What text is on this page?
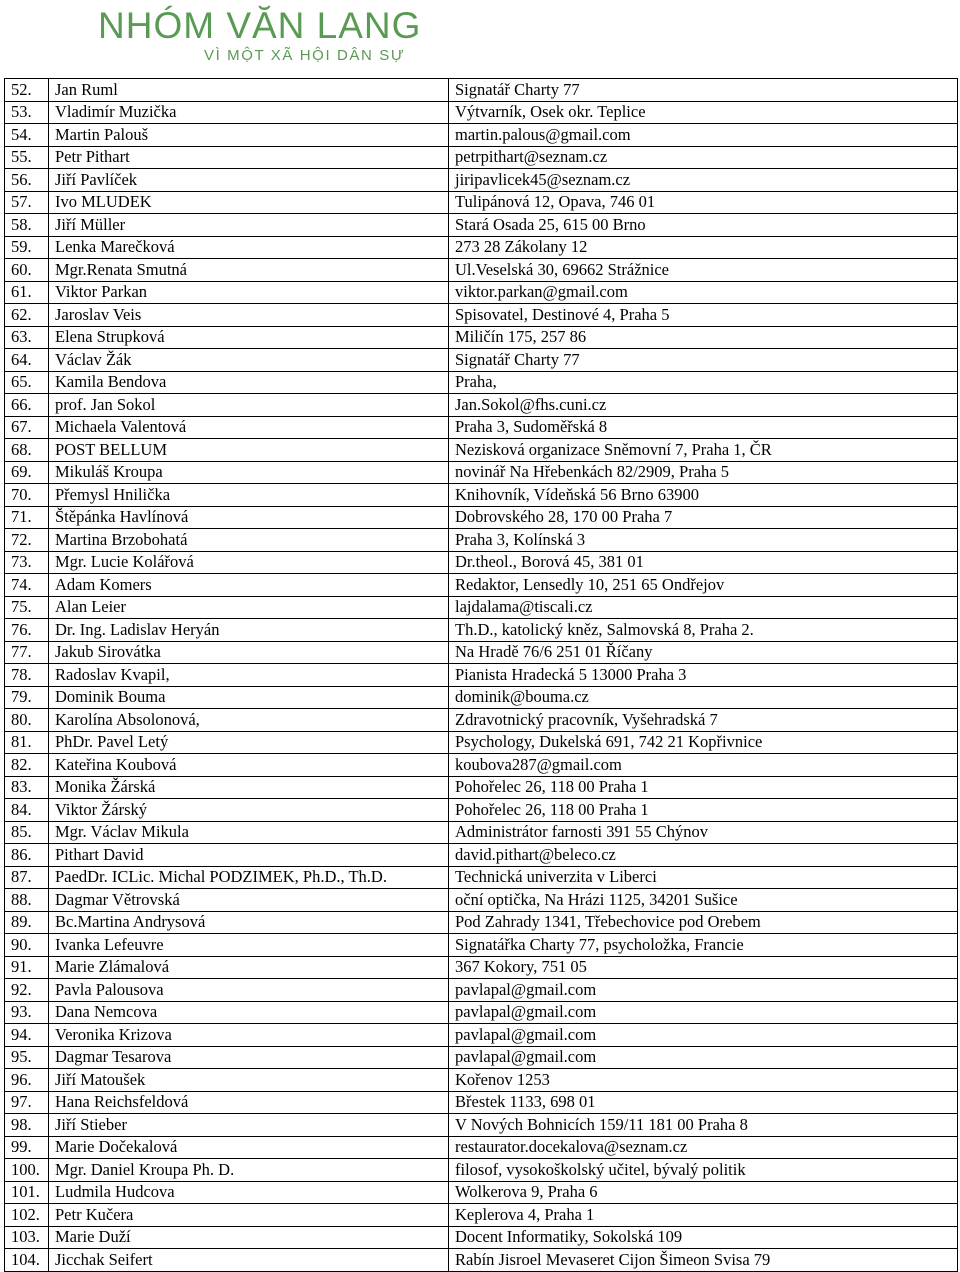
NHÓM VĂN LANG
VÌ MỘT XÃ HỘI DÂN SỰ
52.	Jan Ruml	Signatář Charty 77
53.	Vladimír Muzička	Výtvarník, Osek okr. Teplice
54.	Martin Palouš	martin.palous@gmail.com
55.	Petr Pithart	petrpithart@seznam.cz
56.	Jiří Pavlíček	jiripavlicek45@seznam.cz
57.	Ivo MLUDEK	Tulipánová 12, Opava, 746 01
58.	Jiří Müller	Stará Osada 25, 615 00 Brno
59.	Lenka Marečková	273 28 Zákolany 12
60.	Mgr.Renata Smutná	Ul.Veselská 30, 69662 Strážnice
61.	Viktor Parkan	viktor.parkan@gmail.com
62.	Jaroslav Veis	Spisovatel, Destinové 4, Praha 5
63.	Elena Strupková	Miličín 175, 257 86
64.	Václav Žák	Signatář Charty 77
65.	Kamila Bendova	Praha,
66.	prof. Jan Sokol	Jan.Sokol@fhs.cuni.cz
67.	Michaela Valentová	Praha 3, Sudoměřská 8
68.	POST BELLUM	Nezisková organizace Sněmovní 7, Praha 1, ČR
69.	Mikuláš Kroupa	novinář Na Hřebenkách 82/2909, Praha 5
70.	Přemysl Hnilička	Knihovník, Vídeňská 56 Brno 63900
71.	Štěpánka Havlínová	Dobrovského 28, 170 00 Praha 7
72.	Martina Brzobohatá	Praha 3, Kolínská 3
73.	Mgr. Lucie Kolářová	Dr.theol., Borová 45, 381 01
74.	Adam Komers	Redaktor, Lensedly 10, 251 65 Ondřejov
75.	Alan Leier	lajdalama@tiscali.cz
76.	Dr. Ing. Ladislav Heryán	Th.D., katolický kněz, Salmovská 8, Praha 2.
77.	Jakub Sirovátka	Na Hradě 76/6 251 01 Říčany
78.	Radoslav Kvapil,	Pianista Hradecká 5 13000 Praha 3
79.	Dominik Bouma	dominik@bouma.cz
80.	Karolína Absolonová,	Zdravotnický pracovník, Vyšehradská 7
81.	PhDr. Pavel Letý	Psychology, Dukelská 691, 742 21 Kopřivnice
82.	Kateřina Koubová	koubova287@gmail.com
83.	Monika Žárská	Pohořelec 26, 118 00 Praha 1
84.	Viktor Žárský	Pohořelec 26, 118 00 Praha 1
85.	Mgr. Václav Mikula	Administrátor farnosti 391 55 Chýnov
86.	Pithart David	david.pithart@beleco.cz
87.	PaedDr. ICLic. Michal PODZIMEK, Ph.D., Th.D.	Technická univerzita v Liberci
88.	Dagmar Větrovská	oční optička, Na Hrázi 1125, 34201 Sušice
89.	Bc.Martina Andrysová	Pod Zahrady 1341, Třebechovice pod Orebem
90.	Ivanka Lefeuvre	Signatářka Charty 77, psycholožka, Francie
91.	Marie Zlámalová	367 Kokory, 751 05
92.	Pavla Palousova	pavlapal@gmail.com
93.	Dana Nemcova	pavlapal@gmail.com
94.	Veronika Krizova	pavlapal@gmail.com
95.	Dagmar Tesarova	pavlapal@gmail.com
96.	Jiří Matoušek	Kořenov 1253
97.	Hana Reichsfeldová	Břestek 1133, 698 01
98.	Jiří Stieber	V Nových Bohnicích 159/11 181 00 Praha 8
99.	Marie Dočekalová	restaurator.docekalova@seznam.cz
100.	Mgr. Daniel Kroupa Ph. D.	filosof, vysokoškolský učitel, bývalý politik
101.	Ludmila Hudcova	Wolkerova 9, Praha 6
102.	Petr Kučera	Keplerova 4, Praha 1
103.	Marie Duží	Docent Informatiky, Sokolská 109
104.	Jicchak Seifert	Rabín Jisroel Mevaseret Cijon Šimeon Svisa 79
